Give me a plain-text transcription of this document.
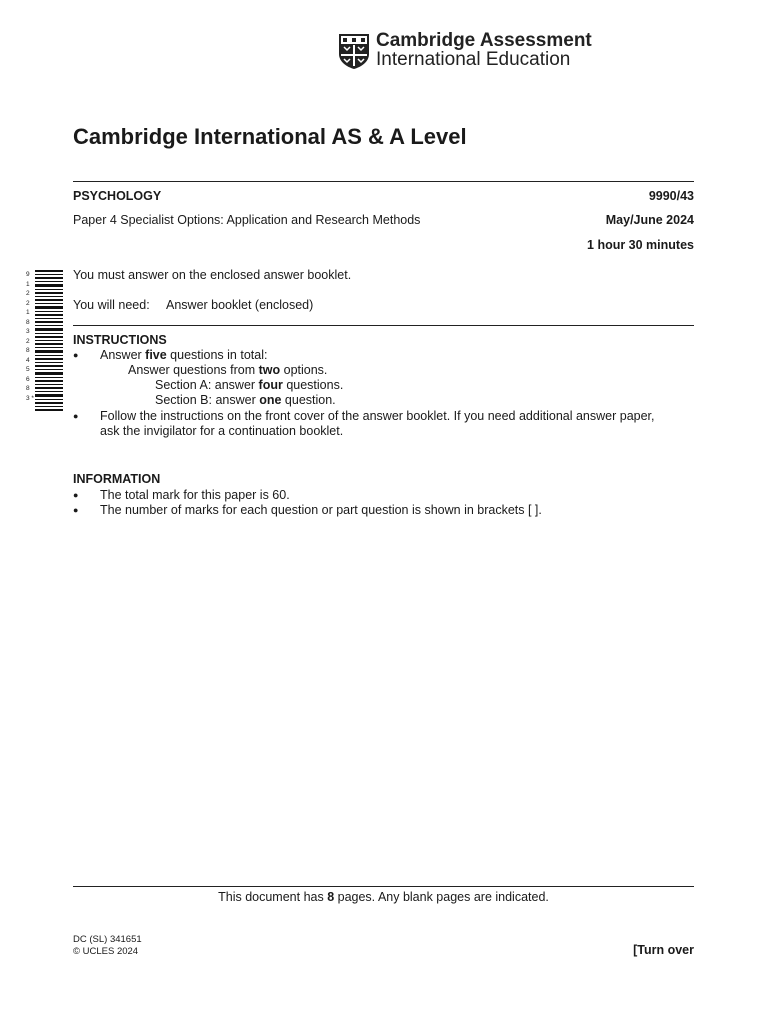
Cambridge Assessment
International Education
Cambridge International AS & A Level
PSYCHOLOGY	9990/43
Paper 4 Specialist Options: Application and Research Methods	May/June 2024
1 hour 30 minutes
9 1 2 2 1 8 3 2 8 4 5 6 8 3 *
You must answer on the enclosed answer booklet.
You will need: Answer booklet (enclosed)
INSTRUCTIONS
● Answer five questions in total:
Answer questions from two options.
Section A: answer four questions.
Section B: answer one question.
● Follow the instructions on the front cover of the answer booklet. If you need additional answer paper,
ask the invigilator for a continuation booklet.
INFORMATION
● The total mark for this paper is 60.
● The number of marks for each question or part question is shown in brackets [ ].
This document has 8 pages. Any blank pages are indicated.
DC (SL) 341651
© UCLES 2024	[Turn over
